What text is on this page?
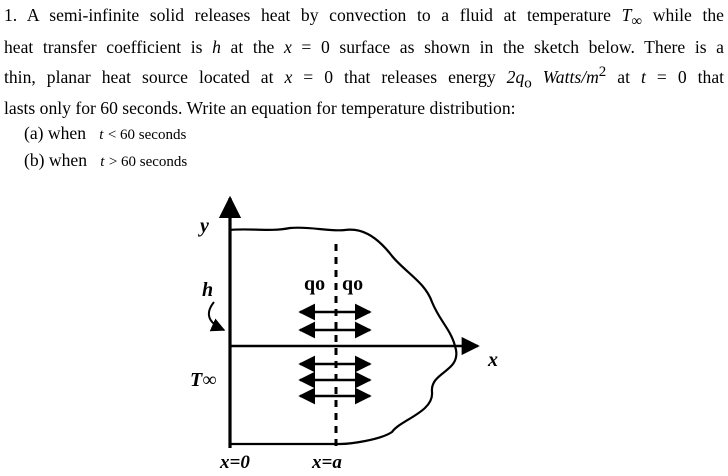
1. A semi-infinite solid releases heat by convection to a fluid at temperature $T_\infty$ while the
heat transfer coefficient is h at the x = 0 surface as shown in the sketch below. There is a
thin, planar heat source located at x = 0 that releases energy $2q_o$ Watts/$m^2$ at t = 0 that
lasts only for 60 seconds. Write an equation for temperature distribution:

(a) when t < 60 seconds

(b) when t > 60 seconds

y
h
T∞
qo qo
x
x=0	x=a
